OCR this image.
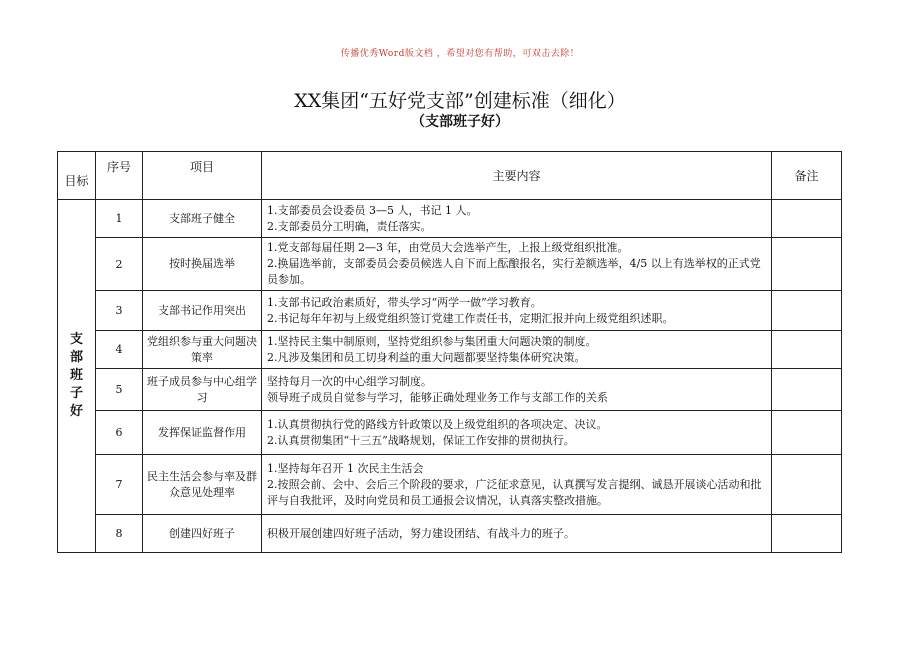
传播优秀Word版文档 ，希望对您有帮助，可双击去除！
XX集团“五好党支部”创建标准（细化）
（支部班子好）
目标	序号	项目	主要内容	备注
支部班子好	1	支部班子健全	1.支部委员会设委员 3—5 人，书记 1 人。
2.支部委员分工明确，责任落实。	

	2	按时换届选举	1.党支部每届任期 2—3 年，由党员大会选举产生，上报上级党组织批准。
2.换届选举前，支部委员会委员候选人自下而上酝酿报名，实行差额选举，4/5 以上有选举权的正式党员参加。	

	3	支部书记作用突出	1.支部书记政治素质好，带头学习“两学一做”学习教育。
2.书记每年年初与上级党组织签订党建工作责任书，定期汇报并向上级党组织述职。	

	4	党组织参与重大问题决策率	1.坚持民主集中制原则，坚持党组织参与集团重大问题决策的制度。
2.凡涉及集团和员工切身利益的重大问题都要坚持集体研究决策。	

	5	班子成员参与中心组学习	坚持每月一次的中心组学习制度。
领导班子成员自觉参与学习，能够正确处理业务工作与支部工作的关系	

	6	发挥保证监督作用	1.认真贯彻执行党的路线方针政策以及上级党组织的各项决定、决议。
2.认真贯彻集团“十三五”战略规划，保证工作安排的贯彻执行。	

	7	民主生活会参与率及群众意见处理率	1.坚持每年召开 1 次民主生活会
2.按照会前、会中、会后三个阶段的要求，广泛征求意见，认真撰写发言提纲、诚恳开展谈心活动和批评与自我批评，及时向党员和员工通报会议情况，认真落实整改措施。	

	8	创建四好班子	积极开展创建四好班子活动，努力建设团结、有战斗力的班子。	
